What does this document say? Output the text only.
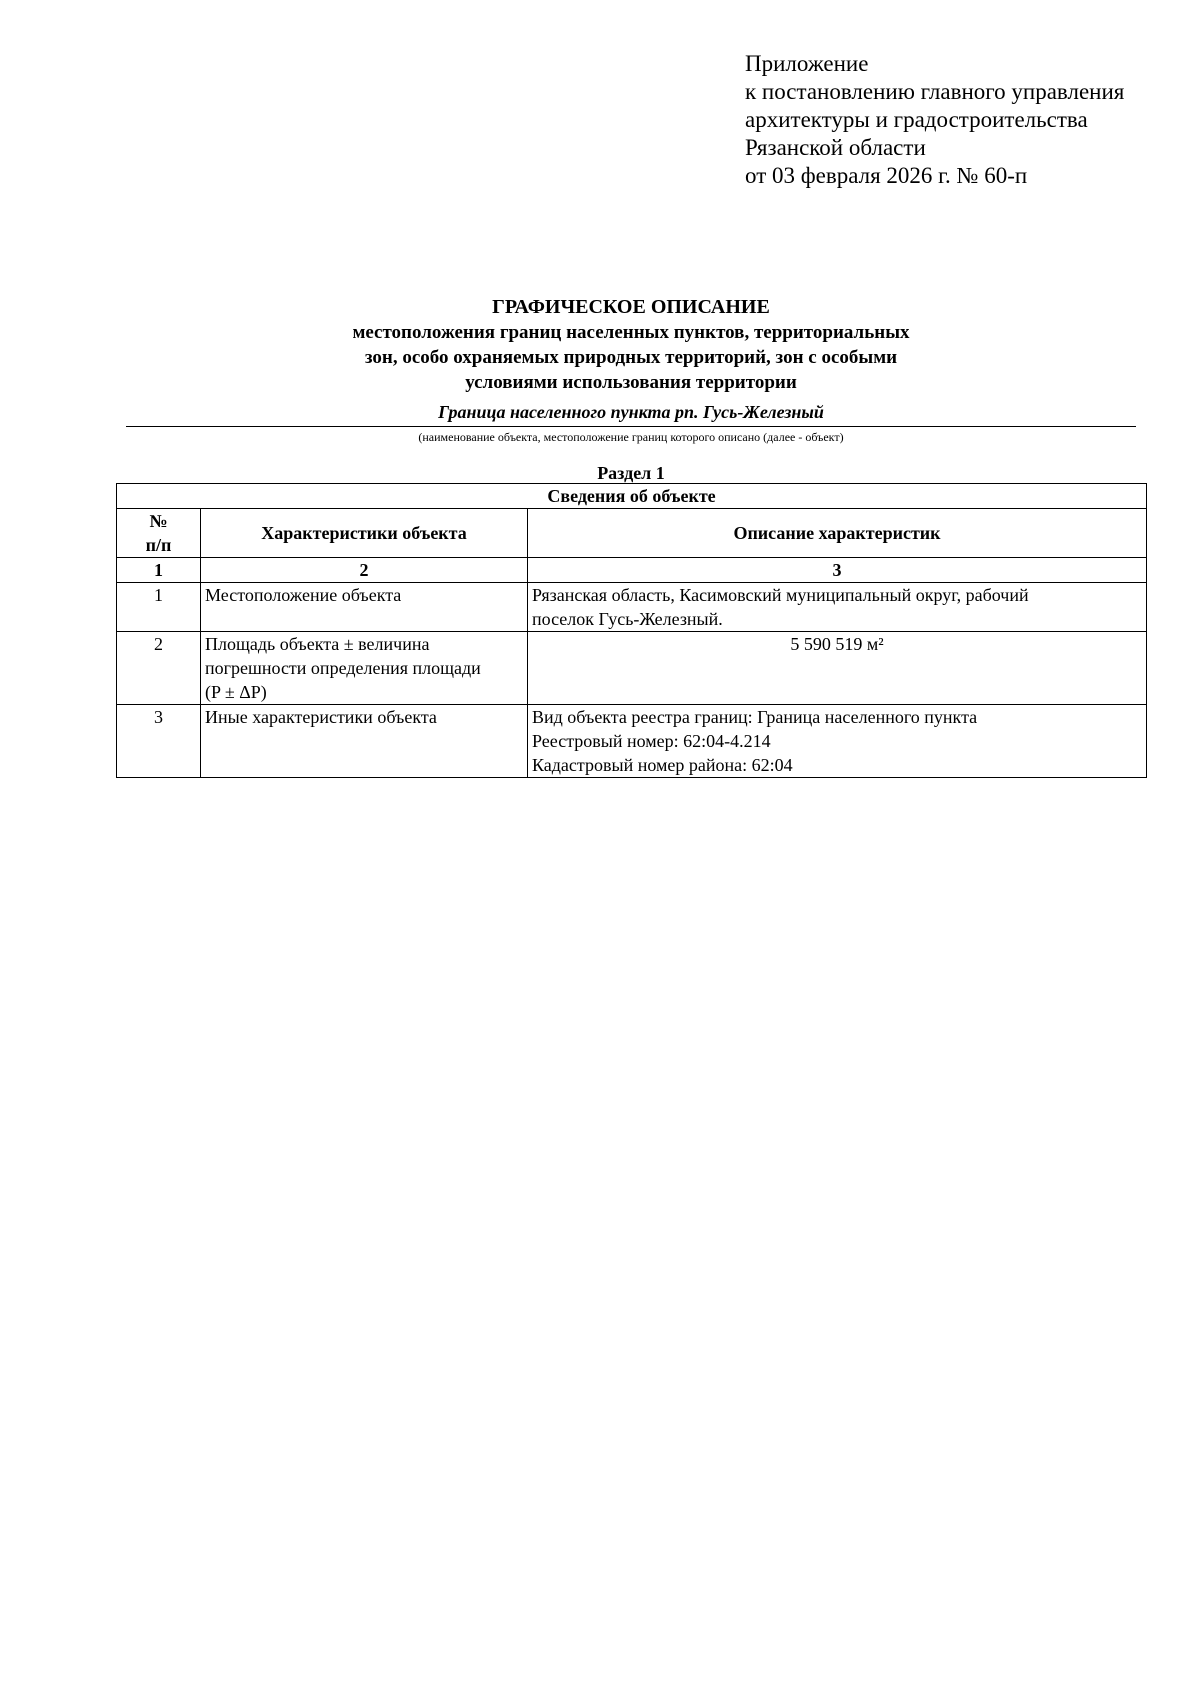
Приложение
к постановлению главного управления
архитектуры и градостроительства
Рязанской области
от 03 февраля 2026 г. № 60-п
ГРАФИЧЕСКОЕ ОПИСАНИЕ
местоположения границ населенных пунктов, территориальных
зон, особо охраняемых природных территорий, зон с особыми
условиями использования территории
Граница населенного пункта рп. Гусь-Железный
(наименование объекта, местоположение границ которого описано (далее - объект)
Раздел 1
Сведения об объекте		

№
п/п	Характеристики объекта	Описание характеристик
1	2	3
1	Местоположение объекта	Рязанская область, Касимовский муниципальный округ, рабочий
поселок Гусь-Железный.

2	Площадь объекта ± величина
погрешности определения площади
(P ± ΔP)	5 590 519 м²
3	Иные характеристики объекта	Вид объекта реестра границ: Граница населенного пункта
Реестровый номер: 62:04-4.214
Кадастровый номер района: 62:04
